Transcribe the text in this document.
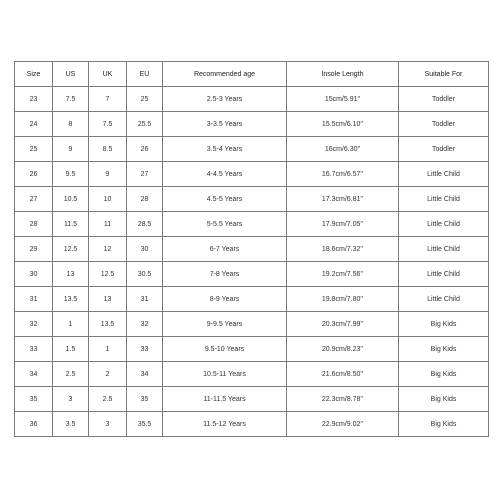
Size	US	UK	EU	Recommended age	Insole Length	Suitable For
23	7.5	7	25	2.5-3 Years	15cm/5.91''	Toddler
24	8	7.5	25.5	3-3.5 Years	15.5cm/6.10''	Toddler
25	9	8.5	26	3.5-4 Years	16cm/6.30''	Toddler
26	9.5	9	27	4-4.5 Years	16.7cm/6.57''	Little Child
27	10.5	10	28	4.5-5 Years	17.3cm/6.81''	Little Child
28	11.5	11	28.5	5-5.5 Years	17.9cm/7.05''	Little Child
29	12.5	12	30	6-7 Years	18.6cm/7.32''	Little Child
30	13	12.5	30.5	7-8 Years	19.2cm/7.56''	Little Child
31	13.5	13	31	8-9 Years	19.8cm/7.80''	Little Child
32	1	13.5	32	9-9.5 Years	20.3cm/7.99''	Big Kids
33	1.5	1	33	9.5-10 Years	20.9cm/8.23''	Big Kids
34	2.5	2	34	10.5-11 Years	21.6cm/8.50''	Big Kids
35	3	2.5	35	11-11.5 Years	22.3cm/8.78''	Big Kids
36	3.5	3	35.5	11.5-12 Years	22.9cm/9.02''	Big Kids
